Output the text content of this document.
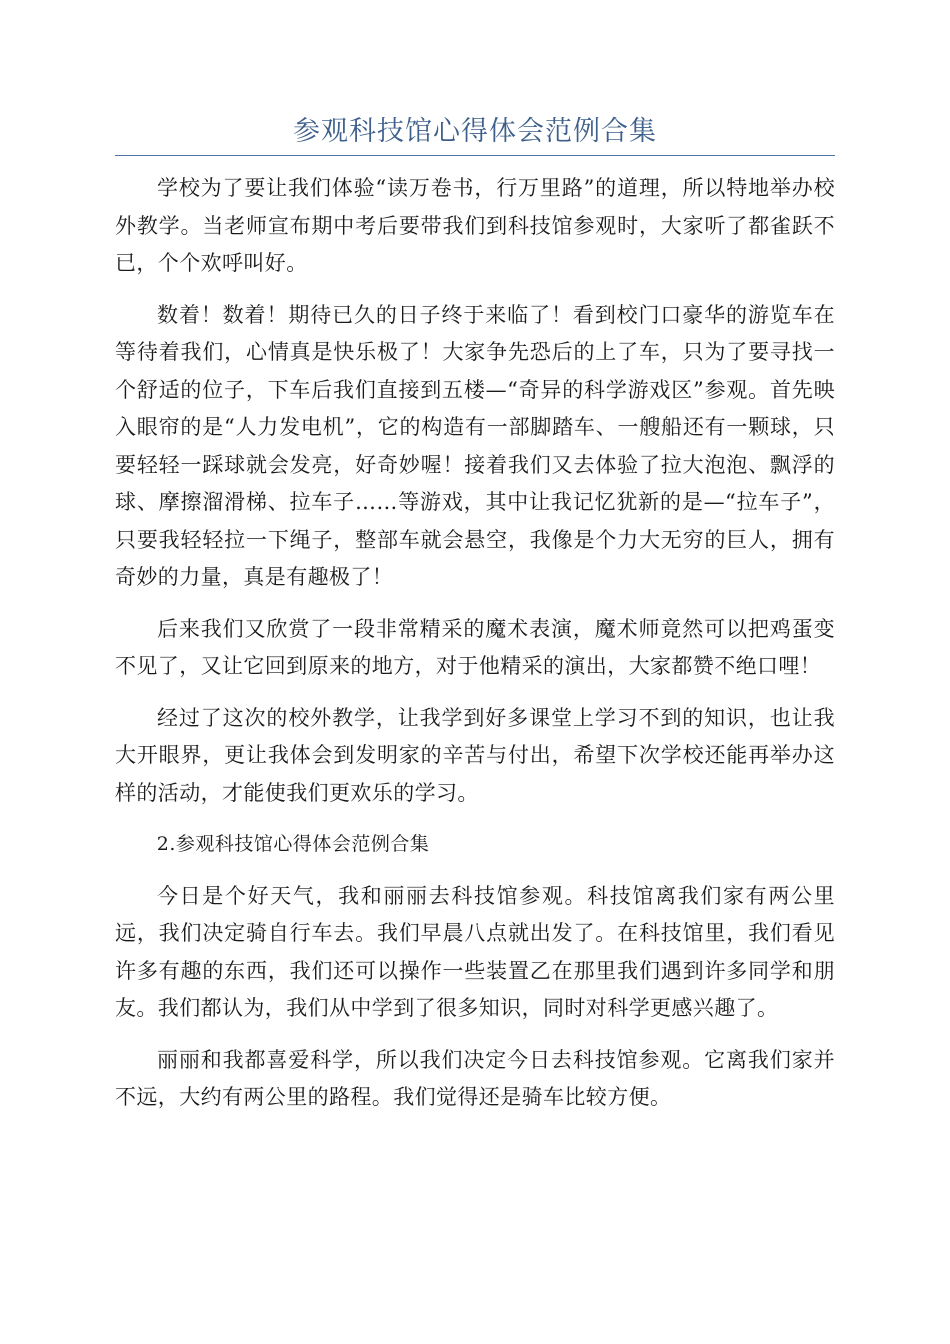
参观科技馆心得体会范例合集

学校为了要让我们体验“读万卷书，行万里路”的道理，所以特地举办校外教学。当老师宣布期中考后要带我们到科技馆参观时，大家听了都雀跃不已，个个欢呼叫好。

数着！数着！期待已久的日子终于来临了！看到校门口豪华的游览车在等待着我们，心情真是快乐极了！大家争先恐后的上了车，只为了要寻找一个舒适的位子，下车后我们直接到五楼—“奇异的科学游戏区”参观。首先映入眼帘的是“人力发电机”，它的构造有一部脚踏车、一艘船还有一颗球，只要轻轻一踩球就会发亮，好奇妙喔！接着我们又去体验了拉大泡泡、飘浮的球、摩擦溜滑梯、拉车子……等游戏，其中让我记忆犹新的是—“拉车子”，只要我轻轻拉一下绳子，整部车就会悬空，我像是个力大无穷的巨人，拥有奇妙的力量，真是有趣极了！

后来我们又欣赏了一段非常精采的魔术表演，魔术师竟然可以把鸡蛋变不见了，又让它回到原来的地方，对于他精采的演出，大家都赞不绝口哩！

经过了这次的校外教学，让我学到好多课堂上学习不到的知识，也让我大开眼界，更让我体会到发明家的辛苦与付出，希望下次学校还能再举办这样的活动，才能使我们更欢乐的学习。

2.参观科技馆心得体会范例合集

今日是个好天气，我和丽丽去科技馆参观。科技馆离我们家有两公里远，我们决定骑自行车去。我们早晨八点就出发了。在科技馆里，我们看见许多有趣的东西，我们还可以操作一些装置乙在那里我们遇到许多同学和朋友。我们都认为，我们从中学到了很多知识，同时对科学更感兴趣了。

丽丽和我都喜爱科学，所以我们决定今日去科技馆参观。它离我们家并不远，大约有两公里的路程。我们觉得还是骑车比较方便。
